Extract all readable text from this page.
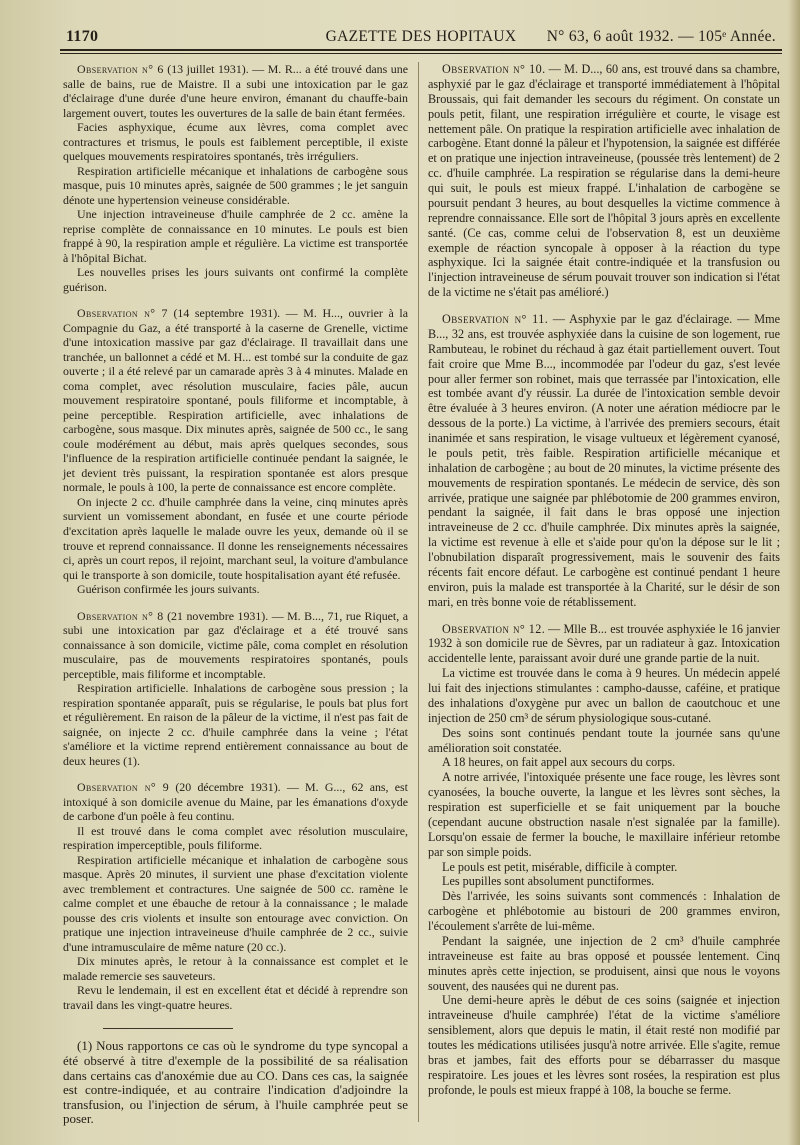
1170	GAZETTE DES HOPITAUX	N° 63, 6 août 1932. — 105ᵉ Année.

Observation n° 6 (13 juillet 1931). — M. R... a été trouvé dans une salle de bains, rue de Maistre. Il a subi une intoxication par le gaz d'éclairage d'une durée d'une heure environ, émanant du chauffe-bain largement ouvert, toutes les ouvertures de la salle de bain étant fermées.

Facies asphyxique, écume aux lèvres, coma complet avec contractures et trismus, le pouls est faiblement perceptible, il existe quelques mouvements respiratoires spontanés, très irréguliers.

Respiration artificielle mécanique et inhalations de carbogène sous masque, puis 10 minutes après, saignée de 500 grammes ; le jet sanguin dénote une hypertension veineuse considérable.

Une injection intraveineuse d'huile camphrée de 2 cc. amène la reprise complète de connaissance en 10 minutes. Le pouls est bien frappé à 90, la respiration ample et régulière. La victime est transportée à l'hôpital Bichat.

Les nouvelles prises les jours suivants ont confirmé la complète guérison.

Observation n° 7 (14 septembre 1931). — M. H..., ouvrier à la Compagnie du Gaz, a été transporté à la caserne de Grenelle, victime d'une intoxication massive par gaz d'éclairage. Il travaillait dans une tranchée, un ballonnet a cédé et M. H... est tombé sur la conduite de gaz ouverte ; il a été relevé par un camarade après 3 à 4 minutes. Malade en coma complet, avec résolution musculaire, facies pâle, aucun mouvement respiratoire spontané, pouls filiforme et incomptable, à peine perceptible. Respiration artificielle, avec inhalations de carbogène, sous masque. Dix minutes après, saignée de 500 cc., le sang coule modérément au début, mais après quelques secondes, sous l'influence de la respiration artificielle continuée pendant la saignée, le jet devient très puissant, la respiration spontanée est alors presque normale, le pouls à 100, la perte de connaissance est encore complète.

On injecte 2 cc. d'huile camphrée dans la veine, cinq minutes après survient un vomissement abondant, en fusée et une courte période d'excitation après laquelle le malade ouvre les yeux, demande où il se trouve et reprend connaissance. Il donne les renseignements nécessaires ci, après un court repos, il rejoint, marchant seul, la voiture d'ambulance qui le transporte à son domicile, toute hospitalisation ayant été refusée.

Guérison confirmée les jours suivants.

Observation n° 8 (21 novembre 1931). — M. B..., 71, rue Riquet, a subi une intoxication par gaz d'éclairage et a été trouvé sans connaissance à son domicile, victime pâle, coma complet en résolution musculaire, pas de mouvements respiratoires spontanés, pouls perceptible, mais filiforme et incomptable.

Respiration artificielle. Inhalations de carbogène sous pression ; la respiration spontanée apparaît, puis se régularise, le pouls bat plus fort et régulièrement. En raison de la pâleur de la victime, il n'est pas fait de saignée, on injecte 2 cc. d'huile camphrée dans la veine ; l'état s'améliore et la victime reprend entièrement connaissance au bout de deux heures (1).

Observation n° 9 (20 décembre 1931). — M. G..., 62 ans, est intoxiqué à son domicile avenue du Maine, par les émanations d'oxyde de carbone d'un poêle à feu continu.

Il est trouvé dans le coma complet avec résolution musculaire, respiration imperceptible, pouls filiforme.

Respiration artificielle mécanique et inhalation de carbogène sous masque. Après 20 minutes, il survient une phase d'excitation violente avec tremblement et contractures. Une saignée de 500 cc. ramène le calme complet et une ébauche de retour à la connaissance ; le malade pousse des cris violents et insulte son entourage avec conviction. On pratique une injection intraveineuse d'huile camphrée de 2 cc., suivie d'une intramusculaire de même nature (20 cc.).

Dix minutes après, le retour à la connaissance est complet et le malade remercie ses sauveteurs.

Revu le lendemain, il est en excellent état et décidé à reprendre son travail dans les vingt-quatre heures.

(1) Nous rapportons ce cas où le syndrome du type syncopal a été observé à titre d'exemple de la possibilité de sa réalisation dans certains cas d'anoxémie due au CO. Dans ces cas, la saignée est contre-indiquée, et au contraire l'indication d'adjoindre la transfusion, ou l'injection de sérum, à l'huile camphrée peut se poser.

Observation n° 10. — M. D..., 60 ans, est trouvé dans sa chambre, asphyxié par le gaz d'éclairage et transporté immédiatement à l'hôpital Broussais, qui fait demander les secours du régiment. On constate un pouls petit, filant, une respiration irrégulière et courte, le visage est nettement pâle. On pratique la respiration artificielle avec inhalation de carbogène. Etant donné la pâleur et l'hypotension, la saignée est différée et on pratique une injection intraveineuse, (poussée très lentement) de 2 cc. d'huile camphrée. La respiration se régularise dans la demi-heure qui suit, le pouls est mieux frappé. L'inhalation de carbogène se poursuit pendant 3 heures, au bout desquelles la victime commence à reprendre connaissance. Elle sort de l'hôpital 3 jours après en excellente santé. (Ce cas, comme celui de l'observation 8, est un deuxième exemple de réaction syncopale à opposer à la réaction du type asphyxique. Ici la saignée était contre-indiquée et la transfusion ou l'injection intraveineuse de sérum pouvait trouver son indication si l'état de la victime ne s'était pas amélioré.)

Observation n° 11. — Asphyxie par le gaz d'éclairage. — Mme B..., 32 ans, est trouvée asphyxiée dans la cuisine de son logement, rue Rambuteau, le robinet du réchaud à gaz était partiellement ouvert. Tout fait croire que Mme B..., incommodée par l'odeur du gaz, s'est levée pour aller fermer son robinet, mais que terrassée par l'intoxication, elle est tombée avant d'y réussir. La durée de l'intoxication semble devoir être évaluée à 3 heures environ. (A noter une aération médiocre par le dessous de la porte.) La victime, à l'arrivée des premiers secours, était inanimée et sans respiration, le visage vultueux et légèrement cyanosé, le pouls petit, très faible. Respiration artificielle mécanique et inhalation de carbogène ; au bout de 20 minutes, la victime présente des mouvements de respiration spontanés. Le médecin de service, dès son arrivée, pratique une saignée par phlébotomie de 200 grammes environ, pendant la saignée, il fait dans le bras opposé une injection intraveineuse de 2 cc. d'huile camphrée. Dix minutes après la saignée, la victime est revenue à elle et s'aide pour qu'on la dépose sur le lit ; l'obnubilation disparaît progressivement, mais le souvenir des faits récents fait encore défaut. Le carbogène est continué pendant 1 heure environ, puis la malade est transportée à la Charité, sur le désir de son mari, en très bonne voie de rétablissement.

Observation n° 12. — Mlle B... est trouvée asphyxiée le 16 janvier 1932 à son domicile rue de Sèvres, par un radiateur à gaz. Intoxication accidentelle lente, paraissant avoir duré une grande partie de la nuit.

La victime est trouvée dans le coma à 9 heures. Un médecin appelé lui fait des injections stimulantes : campho-dausse, caféine, et pratique des inhalations d'oxygène pur avec un ballon de caoutchouc et une injection de 250 cm³ de sérum physiologique sous-cutané.

Des soins sont continués pendant toute la journée sans qu'une amélioration soit constatée.

A 18 heures, on fait appel aux secours du corps.

A notre arrivée, l'intoxiquée présente une face rouge, les lèvres sont cyanosées, la bouche ouverte, la langue et les lèvres sont sèches, la respiration est superficielle et se fait uniquement par la bouche (cependant aucune obstruction nasale n'est signalée par la famille). Lorsqu'on essaie de fermer la bouche, le maxillaire inférieur retombe par son simple poids.

Le pouls est petit, misérable, difficile à compter.

Les pupilles sont absolument punctiformes.

Dès l'arrivée, les soins suivants sont commencés : Inhalation de carbogène et phlébotomie au bistouri de 200 grammes environ, l'écoulement s'arrête de lui-même.

Pendant la saignée, une injection de 2 cm³ d'huile camphrée intraveineuse est faite au bras opposé et poussée lentement. Cinq minutes après cette injection, se produisent, ainsi que nous le voyons souvent, des nausées qui ne durent pas.

Une demi-heure après le début de ces soins (saignée et injection intraveineuse d'huile camphrée) l'état de la victime s'améliore sensiblement, alors que depuis le matin, il était resté non modifié par toutes les médications utilisées jusqu'à notre arrivée. Elle s'agite, remue bras et jambes, fait des efforts pour se débarrasser du masque respiratoire. Les joues et les lèvres sont rosées, la respiration est plus profonde, le pouls est mieux frappé à 108, la bouche se ferme.
